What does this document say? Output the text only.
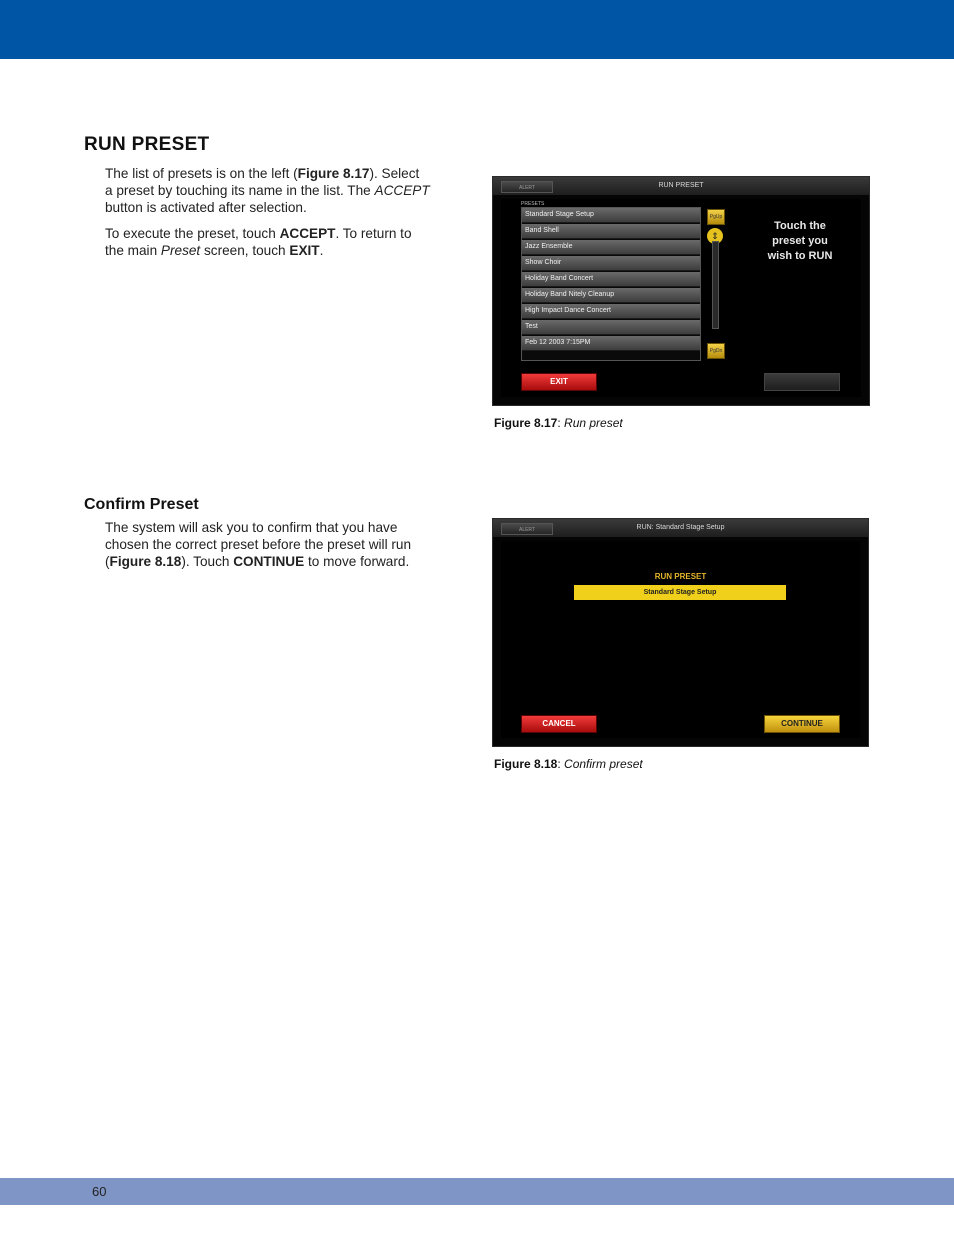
RUN PRESET
The list of presets is on the left (Figure 8.17). Select
a preset by touching its name in the list. The ACCEPT
button is activated after selection.
To execute the preset, touch ACCEPT. To return to
the main Preset screen, touch EXIT.
ALERT	RUN PRESET
PRESETS
Standard Stage Setup
Band Shell
Jazz Ensemble
Show Choir
Holiday Band Concert
Holiday Band Nitely Cleanup
High Impact Dance Concert
Test
Feb 12 2003 7:15PM
PgUp
⇕
PgDn
Touch the
preset you
wish to RUN
EXIT
Figure 8.17: Run preset
Confirm Preset
The system will ask you to confirm that you have
chosen the correct preset before the preset will run
(Figure 8.18). Touch CONTINUE to move forward.
ALERT	RUN: Standard Stage Setup
RUN PRESET
Standard Stage Setup
CANCEL	CONTINUE
Figure 8.18: Confirm preset
60
